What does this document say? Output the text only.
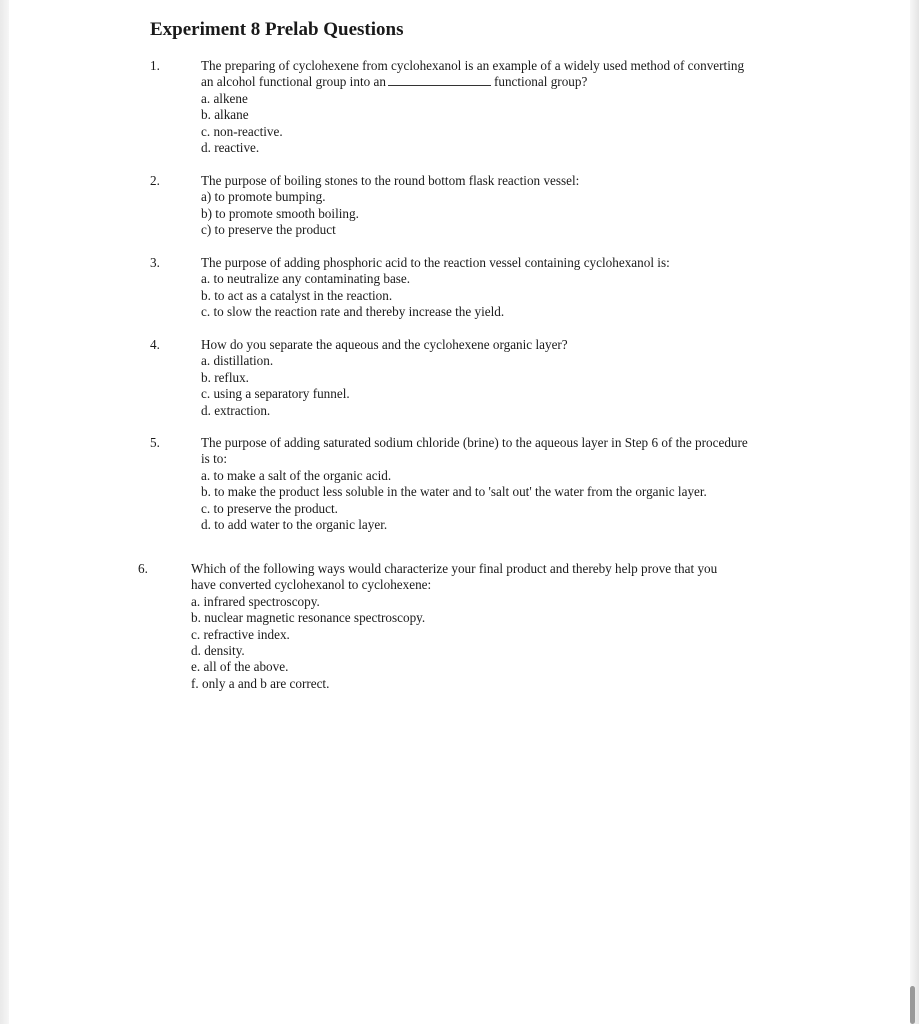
Experiment 8 Prelab Questions
1.	The preparing of cyclohexene from cyclohexanol is an example of a widely used method of converting
an alcohol functional group into an	functional group?
a. alkene
b. alkane
c. non-reactive.
d. reactive.
2.	The purpose of boiling stones to the round bottom flask reaction vessel:
a) to promote bumping.
b) to promote smooth boiling.
c) to preserve the product
3.	The purpose of adding phosphoric acid to the reaction vessel containing cyclohexanol is:
a. to neutralize any contaminating base.
b. to act as a catalyst in the reaction.
c. to slow the reaction rate and thereby increase the yield.
4.	How do you separate the aqueous and the cyclohexene organic layer?
a. distillation.
b. reflux.
c. using a separatory funnel.
d. extraction.
5.	The purpose of adding saturated sodium chloride (brine) to the aqueous layer in Step 6 of the procedure
is to:
a. to make a salt of the organic acid.
b. to make the product less soluble in the water and to 'salt out' the water from the organic layer.
c. to preserve the product.
d. to add water to the organic layer.
6.	Which of the following ways would characterize your final product and thereby help prove that you
have converted cyclohexanol to cyclohexene:
a. infrared spectroscopy.
b. nuclear magnetic resonance spectroscopy.
c. refractive index.
d. density.
e. all of the above.
f. only a and b are correct.
